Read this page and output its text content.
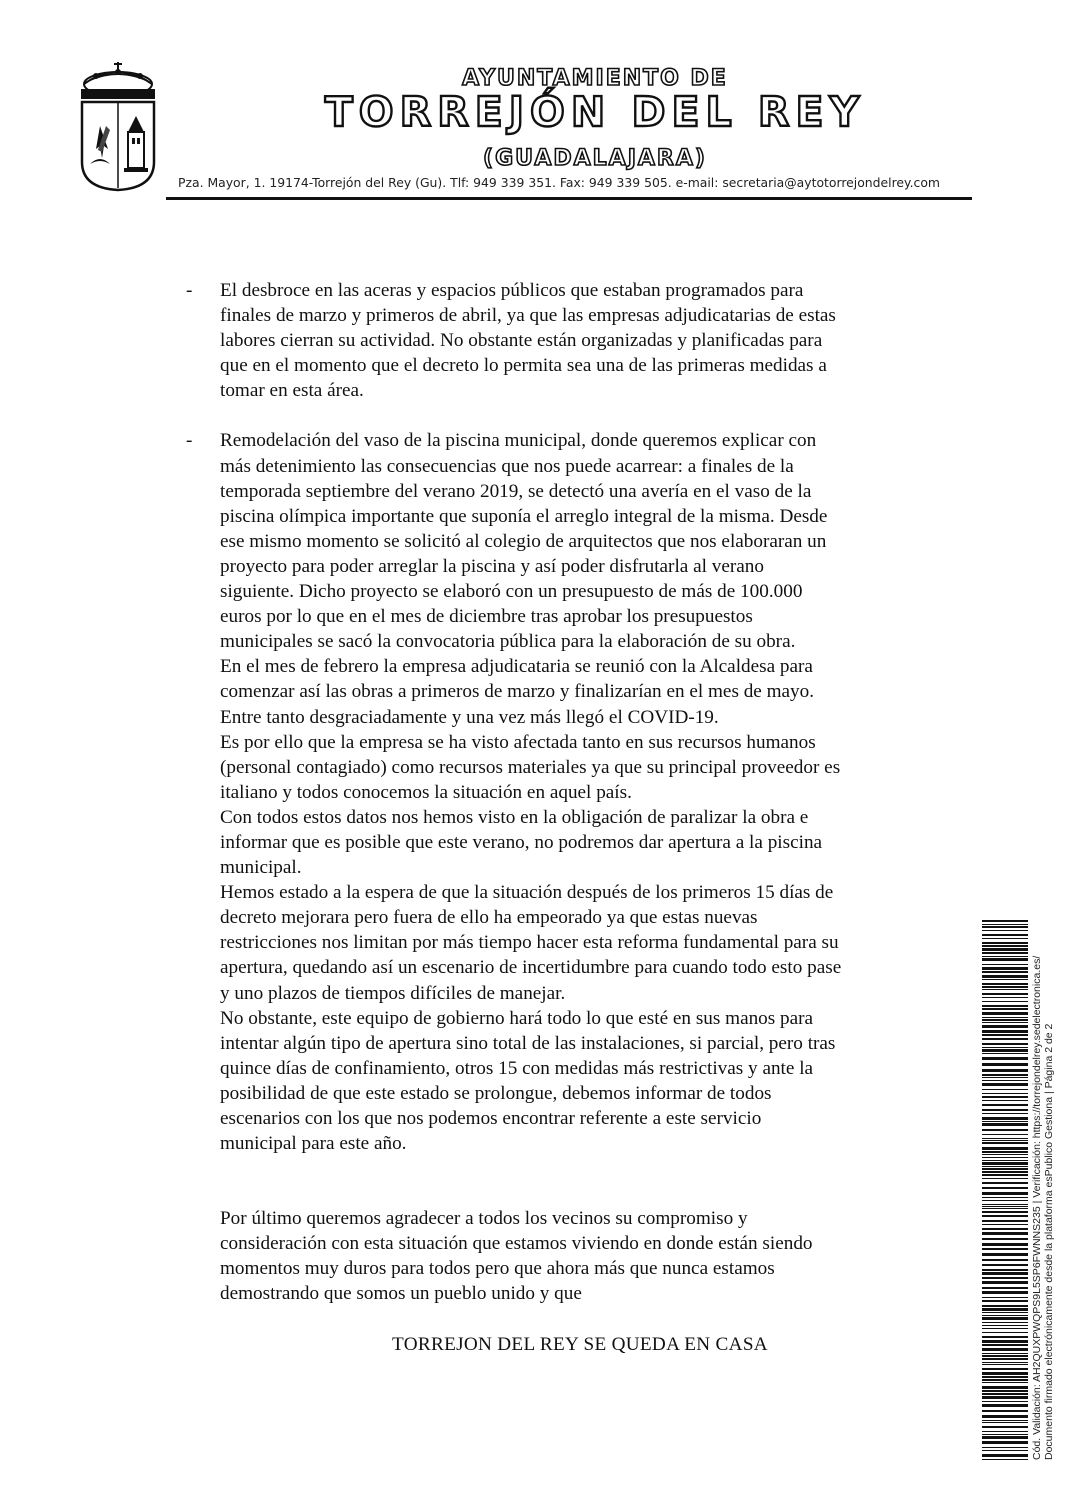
AYUNTAMIENTO DE
TORREJÓN DEL REY
(GUADALAJARA)
Pza. Mayor, 1. 19174-Torrejón del Rey (Gu). Tlf: 949 339 351. Fax: 949 339 505. e-mail: secretaria@aytotorrejondelrey.com
- El desbroce en las aceras y espacios públicos que estaban programados para
finales de marzo y primeros de abril, ya que las empresas adjudicatarias de estas
labores cierran su actividad. No obstante están organizadas y planificadas para
que en el momento que el decreto lo permita sea una de las primeras medidas a
tomar en esta área.

- Remodelación del vaso de la piscina municipal, donde queremos explicar con
más detenimiento las consecuencias que nos puede acarrear: a finales de la
temporada septiembre del verano 2019, se detectó una avería en el vaso de la
piscina olímpica importante que suponía el arreglo integral de la misma. Desde
ese mismo momento se solicitó al colegio de arquitectos que nos elaboraran un
proyecto para poder arreglar la piscina y así poder disfrutarla al verano
siguiente. Dicho proyecto se elaboró con un presupuesto de más de 100.000
euros por lo que en el mes de diciembre tras aprobar los presupuestos
municipales se sacó la convocatoria pública para la elaboración de su obra.
En el mes de febrero la empresa adjudicataria se reunió con la Alcaldesa para
comenzar así las obras a primeros de marzo y finalizarían en el mes de mayo.
Entre tanto desgraciadamente y una vez más llegó el COVID-19.
Es por ello que la empresa se ha visto afectada tanto en sus recursos humanos
(personal contagiado) como recursos materiales ya que su principal proveedor es
italiano y todos conocemos la situación en aquel país.
Con todos estos datos nos hemos visto en la obligación de paralizar la obra e
informar que es posible que este verano, no podremos dar apertura a la piscina
municipal.
Hemos estado a la espera de que la situación después de los primeros 15 días de
decreto mejorara pero fuera de ello ha empeorado ya que estas nuevas
restricciones nos limitan por más tiempo hacer esta reforma fundamental para su
apertura, quedando así un escenario de incertidumbre para cuando todo esto pase
y uno plazos de tiempos difíciles de manejar.
No obstante, este equipo de gobierno hará todo lo que esté en sus manos para
intentar algún tipo de apertura sino total de las instalaciones, si parcial, pero tras
quince días de confinamiento, otros 15 con medidas más restrictivas y ante la
posibilidad de que este estado se prolongue, debemos informar de todos
escenarios con los que nos podemos encontrar referente a este servicio
municipal para este año.

Por último queremos agradecer a todos los vecinos su compromiso y
consideración con esta situación que estamos viviendo en donde están siendo
momentos muy duros para todos pero que ahora más que nunca estamos
demostrando que somos un pueblo unido y que
TORREJON DEL REY SE QUEDA EN CASA	Cód. Validación: AH2QUXPWQPS9L5SP6FWNNS235 | Verificación: https://torrejondelrey.sedelectronica.es/ Documento firmado electrónicamente desde la plataforma esPublico Gestiona | Página 2 de 2
